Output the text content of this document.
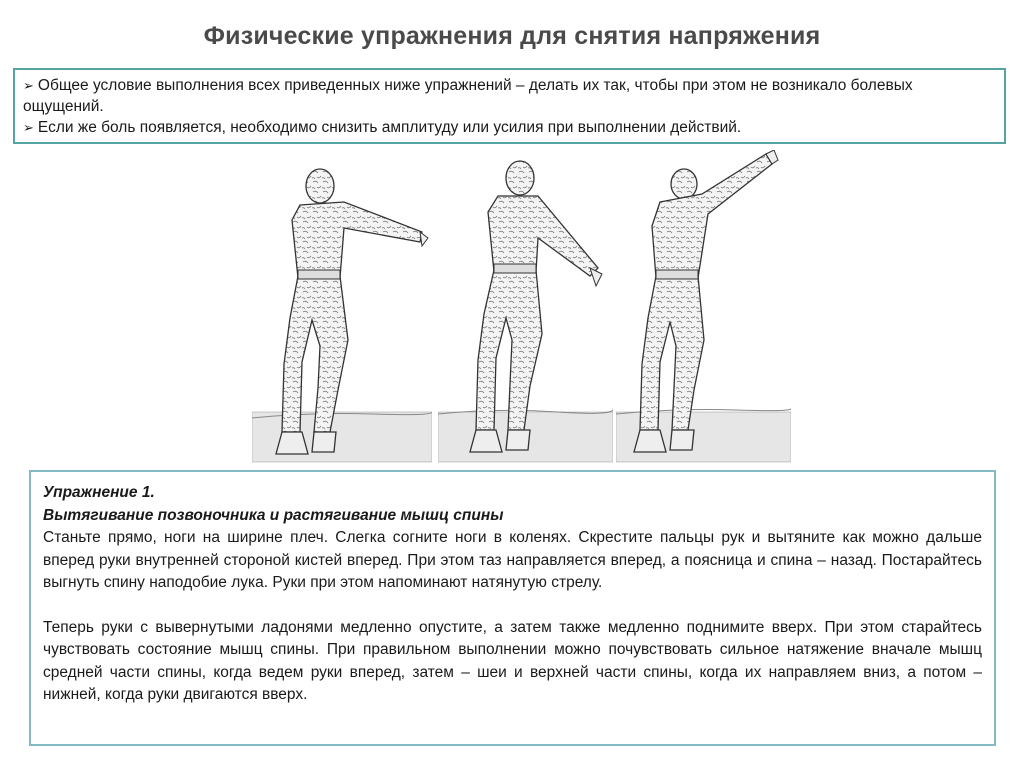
Физические упражнения для снятия напряжения

➢ Общее условие выполнения всех приведенных ниже упражнений – делать их так, чтобы при этом не возникало болевых ощущений.

➢ Если же боль появляется, необходимо снизить амплитуду или усилия при выполнении действий.

Упражнение 1.

Вытягивание позвоночника и растягивание мышц спины

Станьте прямо, ноги на ширине плеч. Слегка согните ноги в коленях. Скрестите пальцы рук и вытяните как можно дальше вперед руки внутренней стороной кистей вперед. При этом таз направляется вперед, а поясница и спина – назад. Постарайтесь выгнуть спину наподобие лука. Руки при этом напоминают натянутую стрелу.

Теперь руки с вывернутыми ладонями медленно опустите, а затем также медленно поднимите вверх. При этом старайтесь чувствовать состояние мышц спины. При правильном выполнении можно почувствовать сильное натяжение вначале мышц средней части спины, когда ведем руки вперед, затем – шеи и верхней части спины, когда их направляем вниз, а потом – нижней, когда руки двигаются вверх.
